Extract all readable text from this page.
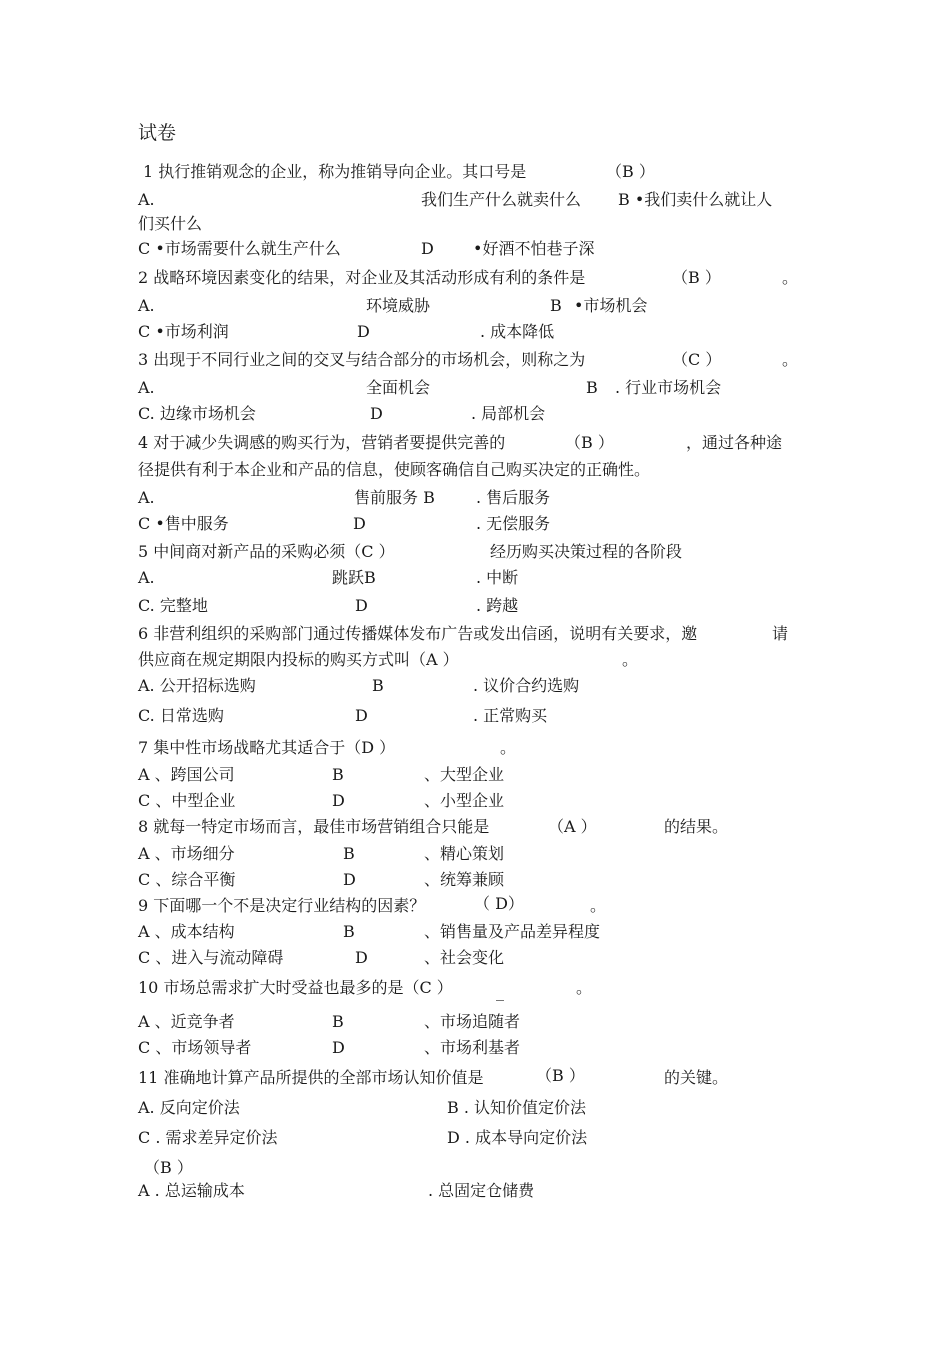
试卷
1 执行推销观念的企业，称为推销导向企业。其口号是	（B ）
A.	我们生产什么就卖什么 B •我们卖什么就让人
们买什么
C •市场需要什么就生产什么	D •好酒不怕巷子深
2 战略环境因素变化的结果，对企业及其活动形成有利的条件是	（B ）	。
A.	环境威胁	B •市场机会
C •市场利润	D	. 成本降低
3 出现于不同行业之间的交叉与结合部分的市场机会，则称之为	（C ）	。
A.	全面机会	B . 行业市场机会
C. 边缘市场机会	D	. 局部机会
4 对于减少失调感的购买行为，营销者要提供完善的	（B ）	，通过各种途
径提供有利于本企业和产品的信息，使顾客确信自己购买决定的正确性。
A.	售前服务 B	. 售后服务
C •售中服务	D	. 无偿服务
5 中间商对新产品的采购必须（C ）	经历购买决策过程的各阶段
A.	跳跃B	. 中断
C. 完整地	D	. 跨越
6 非营利组织的采购部门通过传播媒体发布广告或发出信函，说明有关要求，邀	请
供应商在规定期限内投标的购买方式叫（A ）	。
A. 公开招标选购	B	. 议价合约选购
C. 日常选购	D	. 正常购买
7 集中性市场战略尤其适合于（D ）	。
A 、跨国公司	B	、大型企业
C 、中型企业	D	、小型企业
8 就每一特定市场而言，最佳市场营销组合只能是	（A ）	的结果。
A 、市场细分	B	、精心策划
C 、综合平衡	D	、统筹兼顾
9 下面哪一个不是决定行业结构的因素？	（ D）	。
A 、成本结构	B	、销售量及产品差异程度
C 、进入与流动障碍	D	、社会变化
10 市场总需求扩大时受益也最多的是（C ）	_	。
A 、近竞争者	B	、市场追随者
C 、市场领导者	D	、市场利基者
11 准确地计算产品所提供的全部市场认知价值是	（B ）	的关键。
A. 反向定价法	B . 认知价值定价法
C . 需求差异定价法	D . 成本导向定价法
（B ）
A . 总运输成本	. 总固定仓储费
